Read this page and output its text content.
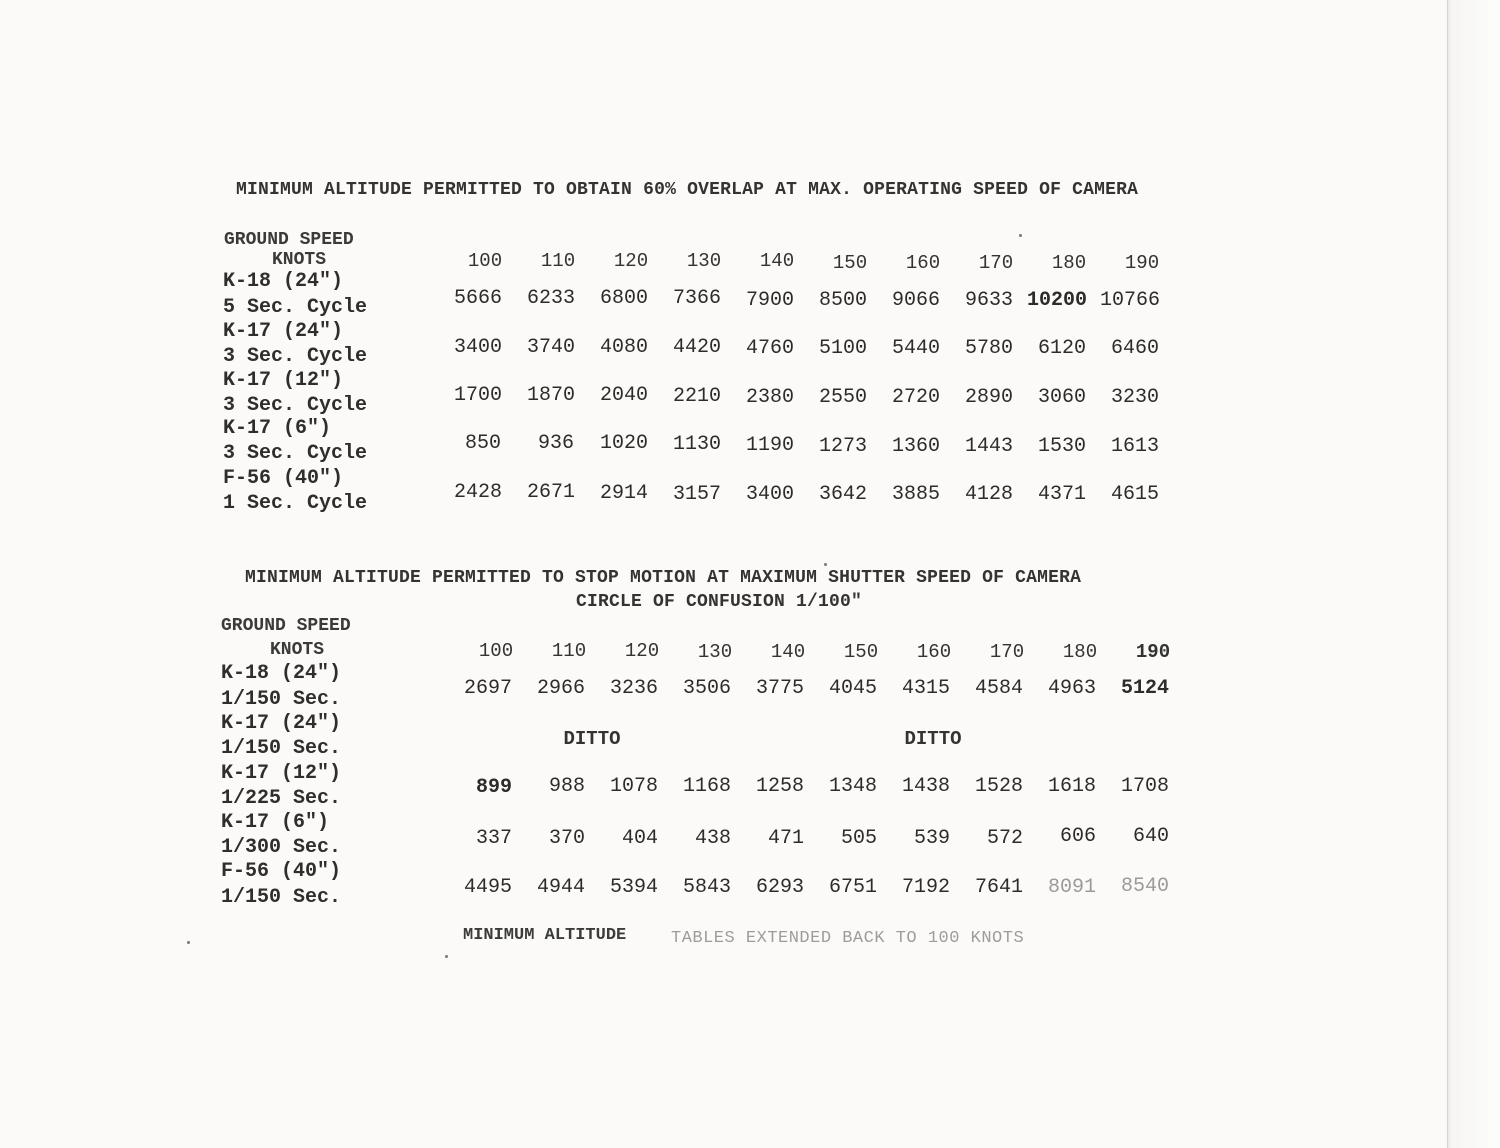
MINIMUM ALTITUDE PERMITTED TO OBTAIN 60% OVERLAP AT MAX. OPERATING SPEED OF CAMERA
GROUND SPEED
KNOTS	100 110 120 130 140 150 160 170 180 190
K-18 (24")
5 Sec. Cycle	5666 6233 6800 7366 7900 8500 9066 9633 10200 10766
K-17 (24")
3 Sec. Cycle	3400 3740 4080 4420 4760 5100 5440 5780 6120 6460
K-17 (12")
3 Sec. Cycle	1700 1870 2040 2210 2380 2550 2720 2890 3060 3230
K-17 (6")
3 Sec. Cycle	850 936 1020 1130 1190 1273 1360 1443 1530 1613
F-56 (40")
1 Sec. Cycle	2428 2671 2914 3157 3400 3642 3885 4128 4371 4615
MINIMUM ALTITUDE PERMITTED TO STOP MOTION AT MAXIMUM SHUTTER SPEED OF CAMERA
CIRCLE OF CONFUSION 1/100"
GROUND SPEED
KNOTS	100 110 120 130 140 150 160 170 180 190
K-18 (24")
1/150 Sec.	2697 2966 3236 3506 3775 4045 4315 4584 4963 5124
K-17 (24")
1/150 Sec.	DITTO	DITTO
K-17 (12")
1/225 Sec.	899 988 1078 1168 1258 1348 1438 1528 1618 1708
K-17 (6")
1/300 Sec.	337 370 404 438 471 505 539 572 606 640
F-56 (40")
1/150 Sec.	4495 4944 5394 5843 6293 6751 7192 7641 8091 8540
MINIMUM ALTITUDE	TABLES EXTENDED BACK TO 100 KNOTS
